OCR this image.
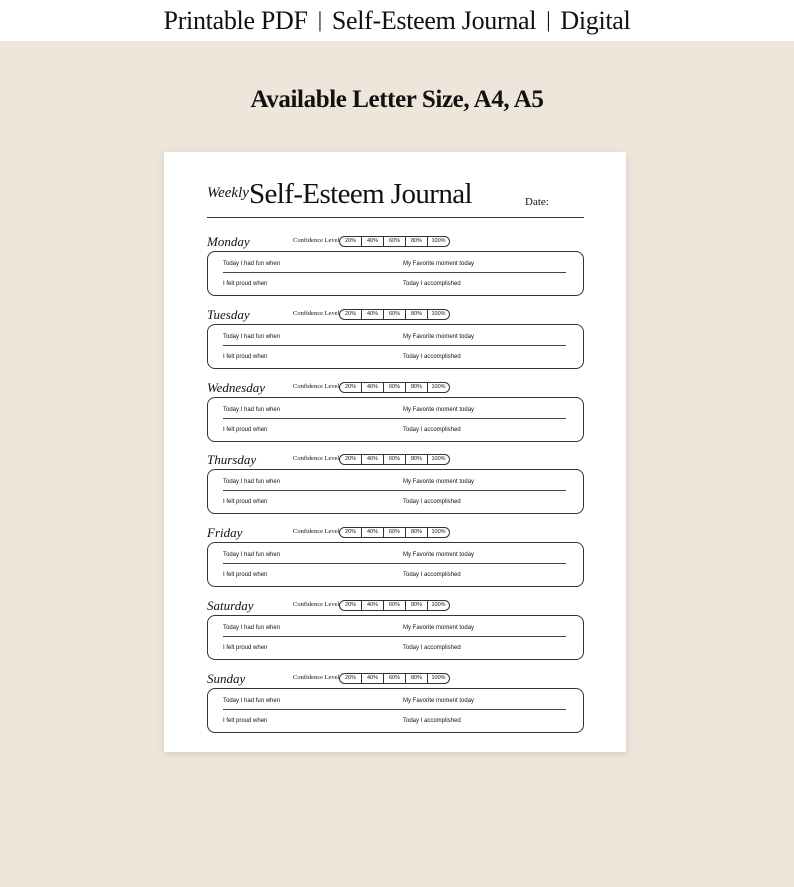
Printable PDF | Self-Esteem Journal | Digital
Available Letter Size, A4, A5
Weekly Self-Esteem Journal	Date:
Monday	Confidence Level	20%	40%	60%	80%	100%
Today I had fun when	My Favorite moment today
I felt proud when	Today I accomplished
Tuesday	Confidence Level	20%	40%	60%	80%	100%
Today I had fun when	My Favorite moment today
I felt proud when	Today I accomplished
Wednesday	Confidence Level	20%	40%	60%	80%	100%
Today I had fun when	My Favorite moment today
I felt proud when	Today I accomplished
Thursday	Confidence Level	20%	40%	60%	80%	100%
Today I had fun when	My Favorite moment today
I felt proud when	Today I accomplished
Friday	Confidence Level	20%	40%	60%	80%	100%
Today I had fun when	My Favorite moment today
I felt proud when	Today I accomplished
Saturday	Confidence Level	20%	40%	60%	80%	100%
Today I had fun when	My Favorite moment today
I felt proud when	Today I accomplished
Sunday	Confidence Level	20%	40%	60%	80%	100%
Today I had fun when	My Favorite moment today
I felt proud when	Today I accomplished
